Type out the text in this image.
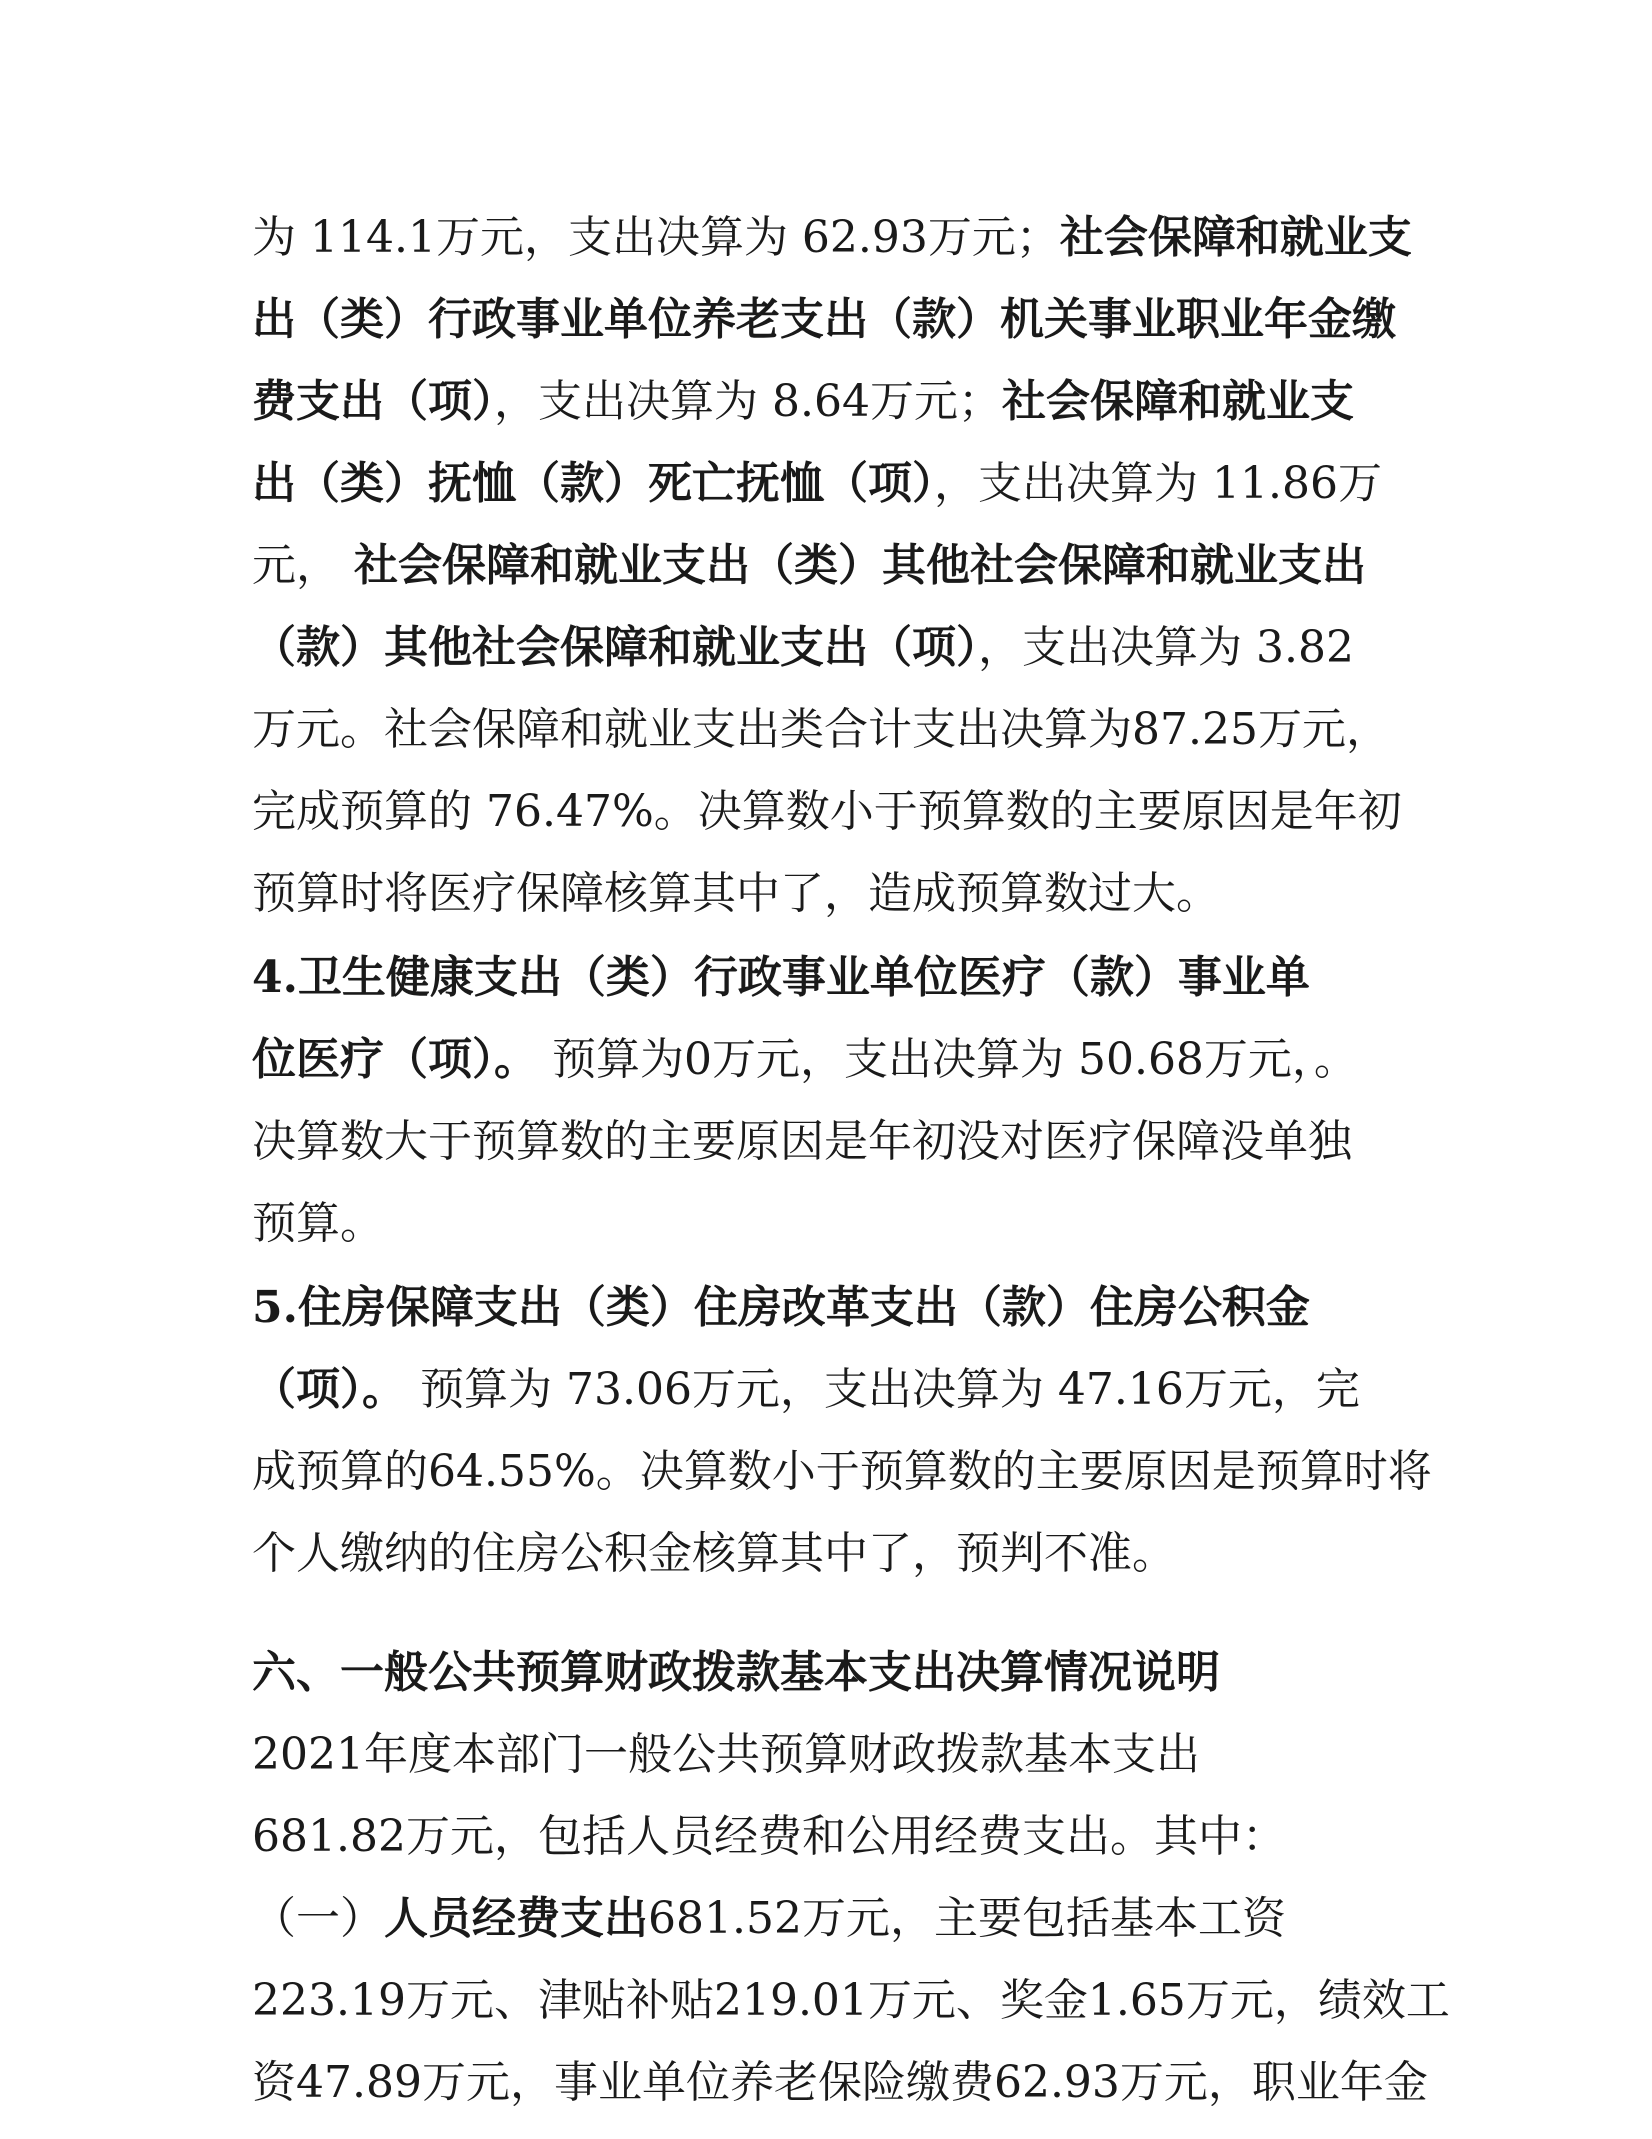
为 114.1万元，支出决算为 62.93万元；社会保障和就业支
出（类）行政事业单位养老支出（款）机关事业职业年金缴
费支出（项），支出决算为 8.64万元；社会保障和就业支
出（类）抚恤（款）死亡抚恤（项），支出决算为 11.86万
元， 社会保障和就业支出（类）其他社会保障和就业支出
（款）其他社会保障和就业支出（项），支出决算为 3.82
万元。社会保障和就业支出类合计支出决算为87.25万元，
完成预算的 76.47%。决算数小于预算数的主要原因是年初
预算时将医疗保障核算其中了，造成预算数过大。
4.卫生健康支出（类）行政事业单位医疗（款）事业单
位医疗（项）。 预算为0万元，支出决算为 50.68万元，。
决算数大于预算数的主要原因是年初没对医疗保障没单独
预算。
5.住房保障支出（类）住房改革支出（款）住房公积金
（项）。 预算为 73.06万元，支出决算为 47.16万元，完
成预算的64.55%。决算数小于预算数的主要原因是预算时将
个人缴纳的住房公积金核算其中了，预判不准。
六、一般公共预算财政拨款基本支出决算情况说明
2021年度本部门一般公共预算财政拨款基本支出
681.82万元，包括人员经费和公用经费支出。其中：
（一）人员经费支出681.52万元，主要包括基本工资
223.19万元、津贴补贴219.01万元、奖金1.65万元，绩效工
资47.89万元，事业单位养老保险缴费62.93万元，职业年金
